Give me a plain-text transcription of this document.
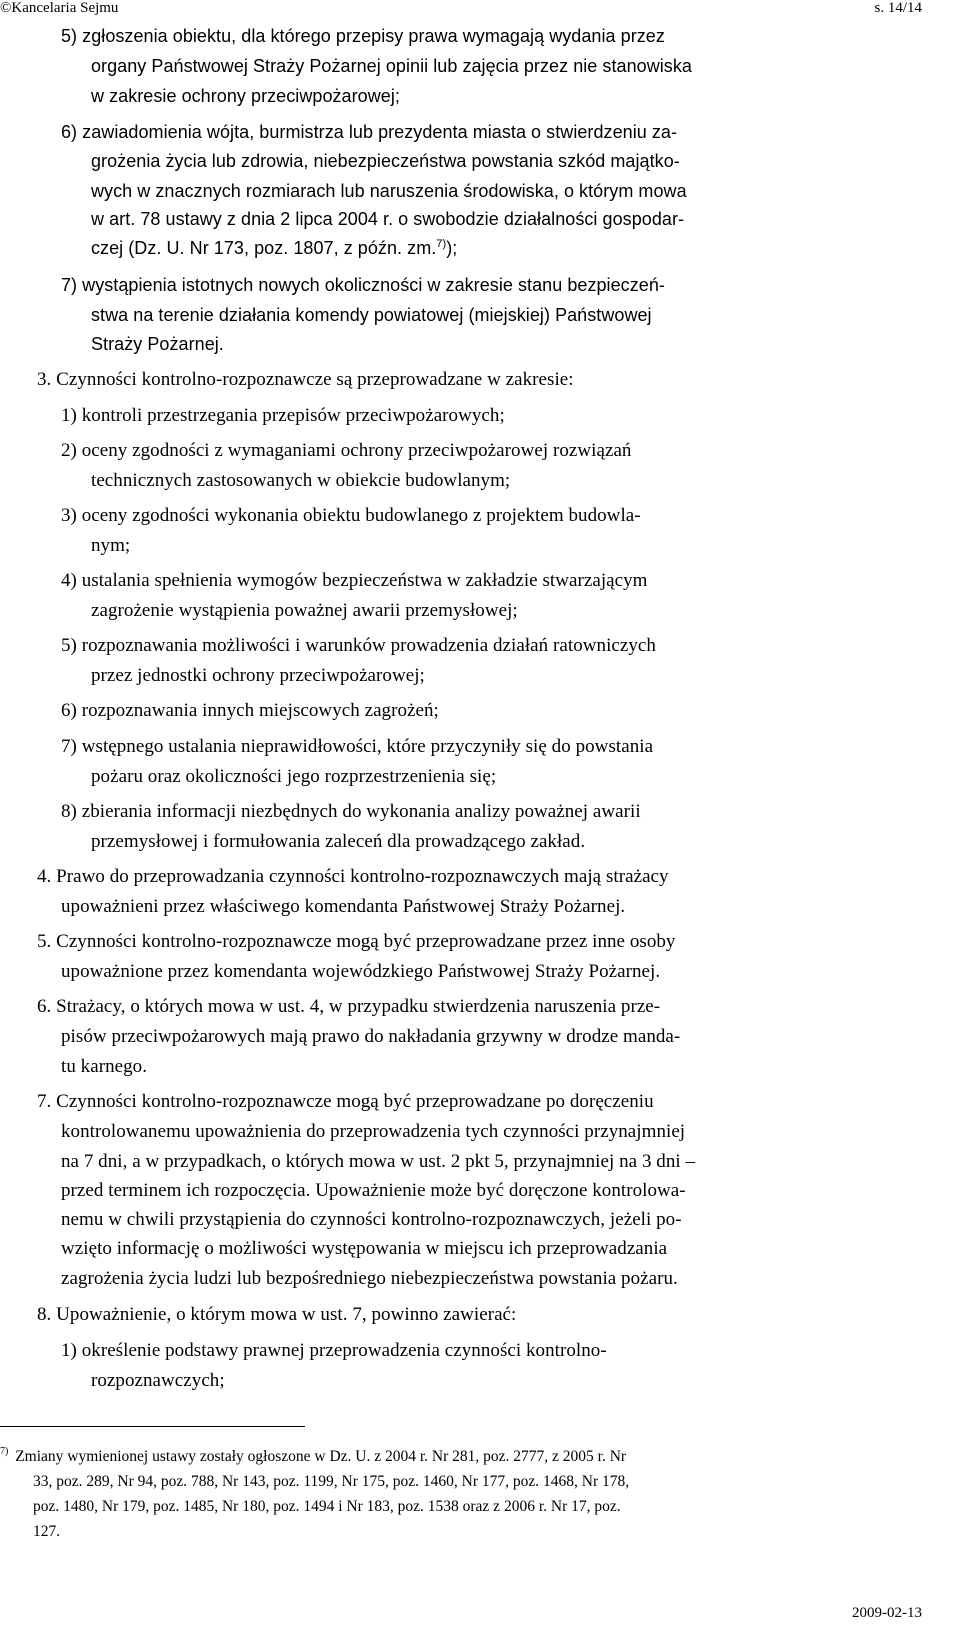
©Kancelaria Sejmu	s. 14/14
5) zgłoszenia obiektu, dla którego przepisy prawa wymagają wydania przez
organy Państwowej Straży Pożarnej opinii lub zajęcia przez nie stanowiska
w zakresie ochrony przeciwpożarowej;
6) zawiadomienia wójta, burmistrza lub prezydenta miasta o stwierdzeniu za-
grożenia życia lub zdrowia, niebezpieczeństwa powstania szkód majątko-
wych w znacznych rozmiarach lub naruszenia środowiska, o którym mowa
w art. 78 ustawy z dnia 2 lipca 2004 r. o swobodzie działalności gospodar-
czej (Dz. U. Nr 173, poz. 1807, z późn. zm.$^{7)}$);
7) wystąpienia istotnych nowych okoliczności w zakresie stanu bezpieczeń-
stwa na terenie działania komendy powiatowej (miejskiej) Państwowej
Straży Pożarnej.
3. Czynności kontrolno-rozpoznawcze są przeprowadzane w zakresie:
1) kontroli przestrzegania przepisów przeciwpożarowych;
2) oceny zgodności z wymaganiami ochrony przeciwpożarowej rozwiązań
technicznych zastosowanych w obiekcie budowlanym;
3) oceny zgodności wykonania obiektu budowlanego z projektem budowla-
nym;
4) ustalania spełnienia wymogów bezpieczeństwa w zakładzie stwarzającym
zagrożenie wystąpienia poważnej awarii przemysłowej;
5) rozpoznawania możliwości i warunków prowadzenia działań ratowniczych
przez jednostki ochrony przeciwpożarowej;
6) rozpoznawania innych miejscowych zagrożeń;
7) wstępnego ustalania nieprawidłowości, które przyczyniły się do powstania
pożaru oraz okoliczności jego rozprzestrzenienia się;
8) zbierania informacji niezbędnych do wykonania analizy poważnej awarii
przemysłowej i formułowania zaleceń dla prowadzącego zakład.
4. Prawo do przeprowadzania czynności kontrolno-rozpoznawczych mają strażacy
upoważnieni przez właściwego komendanta Państwowej Straży Pożarnej.
5. Czynności kontrolno-rozpoznawcze mogą być przeprowadzane przez inne osoby
upoważnione przez komendanta wojewódzkiego Państwowej Straży Pożarnej.
6. Strażacy, o których mowa w ust. 4, w przypadku stwierdzenia naruszenia prze-
pisów przeciwpożarowych mają prawo do nakładania grzywny w drodze manda-
tu karnego.
7. Czynności kontrolno-rozpoznawcze mogą być przeprowadzane po doręczeniu
kontrolowanemu upoważnienia do przeprowadzenia tych czynności przynajmniej
na 7 dni, a w przypadkach, o których mowa w ust. 2 pkt 5, przynajmniej na 3 dni –
przed terminem ich rozpoczęcia. Upoważnienie może być doręczone kontrolowa-
nemu w chwili przystąpienia do czynności kontrolno-rozpoznawczych, jeżeli po-
wzięto informację o możliwości występowania w miejscu ich przeprowadzania
zagrożenia życia ludzi lub bezpośredniego niebezpieczeństwa powstania pożaru.
8. Upoważnienie, o którym mowa w ust. 7, powinno zawierać:
1) określenie podstawy prawnej przeprowadzenia czynności kontrolno-
rozpoznawczych;
$^{7)}$ Zmiany wymienionej ustawy zostały ogłoszone w Dz. U. z 2004 r. Nr 281, poz. 2777, z 2005 r. Nr
33, poz. 289, Nr 94, poz. 788, Nr 143, poz. 1199, Nr 175, poz. 1460, Nr 177, poz. 1468, Nr 178,
poz. 1480, Nr 179, poz. 1485, Nr 180, poz. 1494 i Nr 183, poz. 1538 oraz z 2006 r. Nr 17, poz.
127.
2009-02-13
